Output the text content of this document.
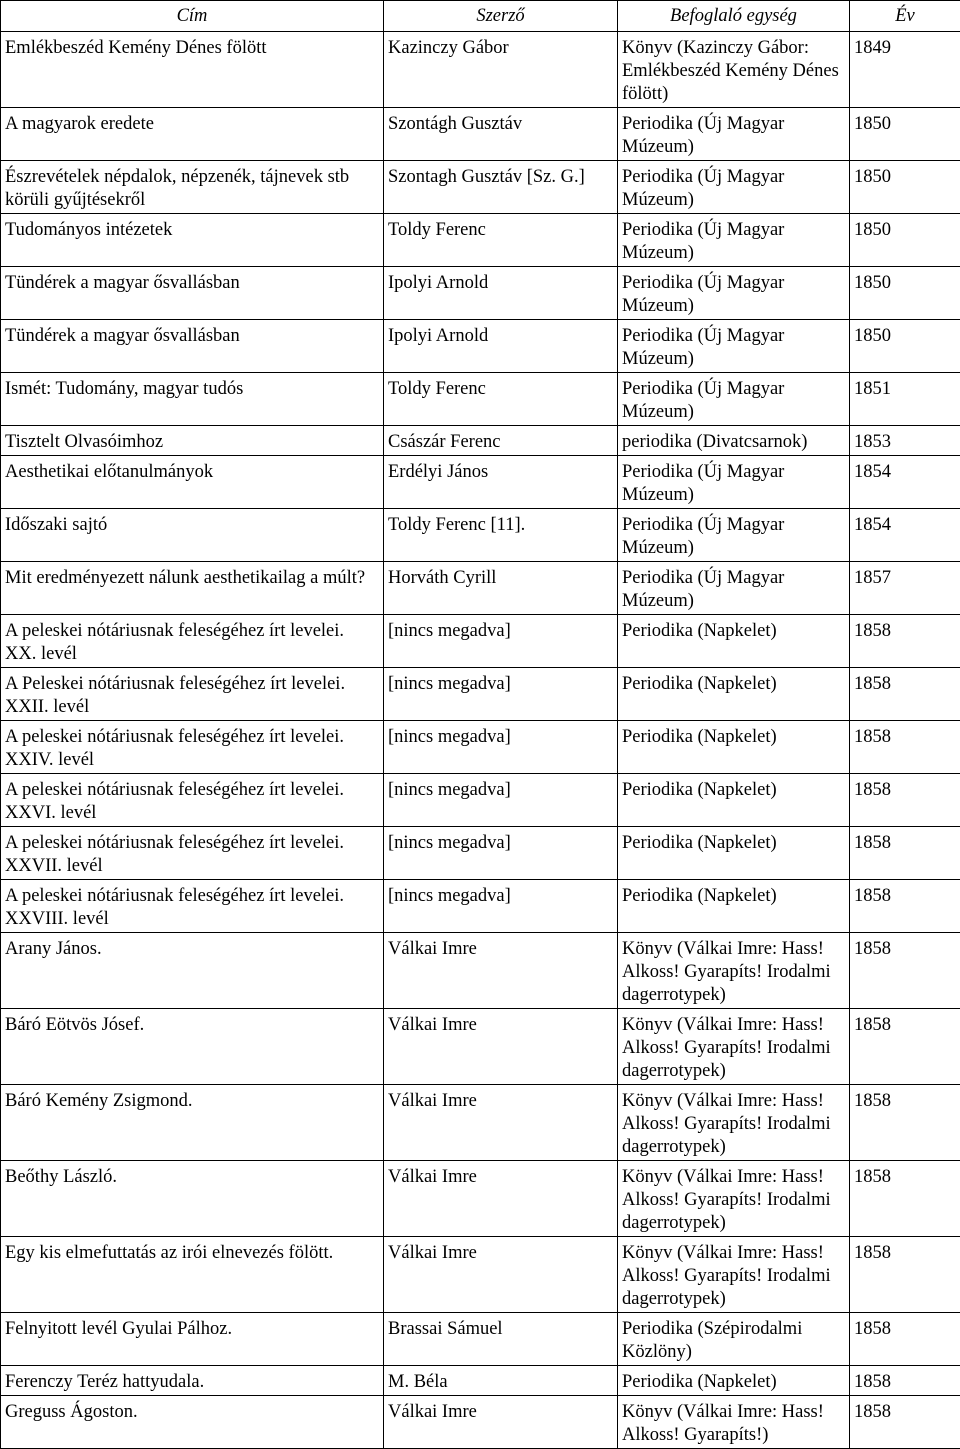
Cím	Szerző	Befoglaló egység	Év
Emlékbeszéd Kemény Dénes fölött	Kazinczy Gábor	Könyv (Kazinczy Gábor: Emlékbeszéd Kemény Dénes fölött)	1849
A magyarok eredete	Szontágh Gusztáv	Periodika (Új Magyar Múzeum)	1850
Észrevételek népdalok, népzenék, tájnevek stb körüli gyűjtésekről	Szontagh Gusztáv [Sz. G.]	Periodika (Új Magyar Múzeum)	1850
Tudományos intézetek	Toldy Ferenc	Periodika (Új Magyar Múzeum)	1850
Tündérek a magyar ősvallásban	Ipolyi Arnold	Periodika (Új Magyar Múzeum)	1850
Tündérek a magyar ősvallásban	Ipolyi Arnold	Periodika (Új Magyar Múzeum)	1850
Ismét: Tudomány, magyar tudós	Toldy Ferenc	Periodika (Új Magyar Múzeum)	1851
Tisztelt Olvasóimhoz	Császár Ferenc	periodika (Divatcsarnok)	1853
Aesthetikai előtanulmányok	Erdélyi János	Periodika (Új Magyar Múzeum)	1854
Időszaki sajtó	Toldy Ferenc [11].	Periodika (Új Magyar Múzeum)	1854
Mit eredményezett nálunk aesthetikailag a múlt?	Horváth Cyrill	Periodika (Új Magyar Múzeum)	1857
A peleskei nótáriusnak feleségéhez írt levelei. XX. levél	[nincs megadva]	Periodika (Napkelet)	1858
A Peleskei nótáriusnak feleségéhez írt levelei. XXII. levél	[nincs megadva]	Periodika (Napkelet)	1858
A peleskei nótáriusnak feleségéhez írt levelei. XXIV. levél	[nincs megadva]	Periodika (Napkelet)	1858
A peleskei nótáriusnak feleségéhez írt levelei. XXVI. levél	[nincs megadva]	Periodika (Napkelet)	1858
A peleskei nótáriusnak feleségéhez írt levelei. XXVII. levél	[nincs megadva]	Periodika (Napkelet)	1858
A peleskei nótáriusnak feleségéhez írt levelei. XXVIII. levél	[nincs megadva]	Periodika (Napkelet)	1858
Arany János.	Válkai Imre	Könyv (Válkai Imre: Hass! Alkoss! Gyarapíts! Irodalmi dagerrotypek)	1858
Báró Eötvös Jósef.	Válkai Imre	Könyv (Válkai Imre: Hass! Alkoss! Gyarapíts! Irodalmi dagerrotypek)	1858
Báró Kemény Zsigmond.	Válkai Imre	Könyv (Válkai Imre: Hass! Alkoss! Gyarapíts! Irodalmi dagerrotypek)	1858
Beőthy László.	Válkai Imre	Könyv (Válkai Imre: Hass! Alkoss! Gyarapíts! Irodalmi dagerrotypek)	1858
Egy kis elmefuttatás az irói elnevezés fölött.	Válkai Imre	Könyv (Válkai Imre: Hass! Alkoss! Gyarapíts! Irodalmi dagerrotypek)	1858
Felnyitott levél Gyulai Pálhoz.	Brassai Sámuel	Periodika (Szépirodalmi Közlöny)	1858
Ferenczy Teréz hattyudala.	M. Béla	Periodika (Napkelet)	1858
Greguss Ágoston.	Válkai Imre	Könyv (Válkai Imre: Hass! Alkoss! Gyarapíts!)	1858
